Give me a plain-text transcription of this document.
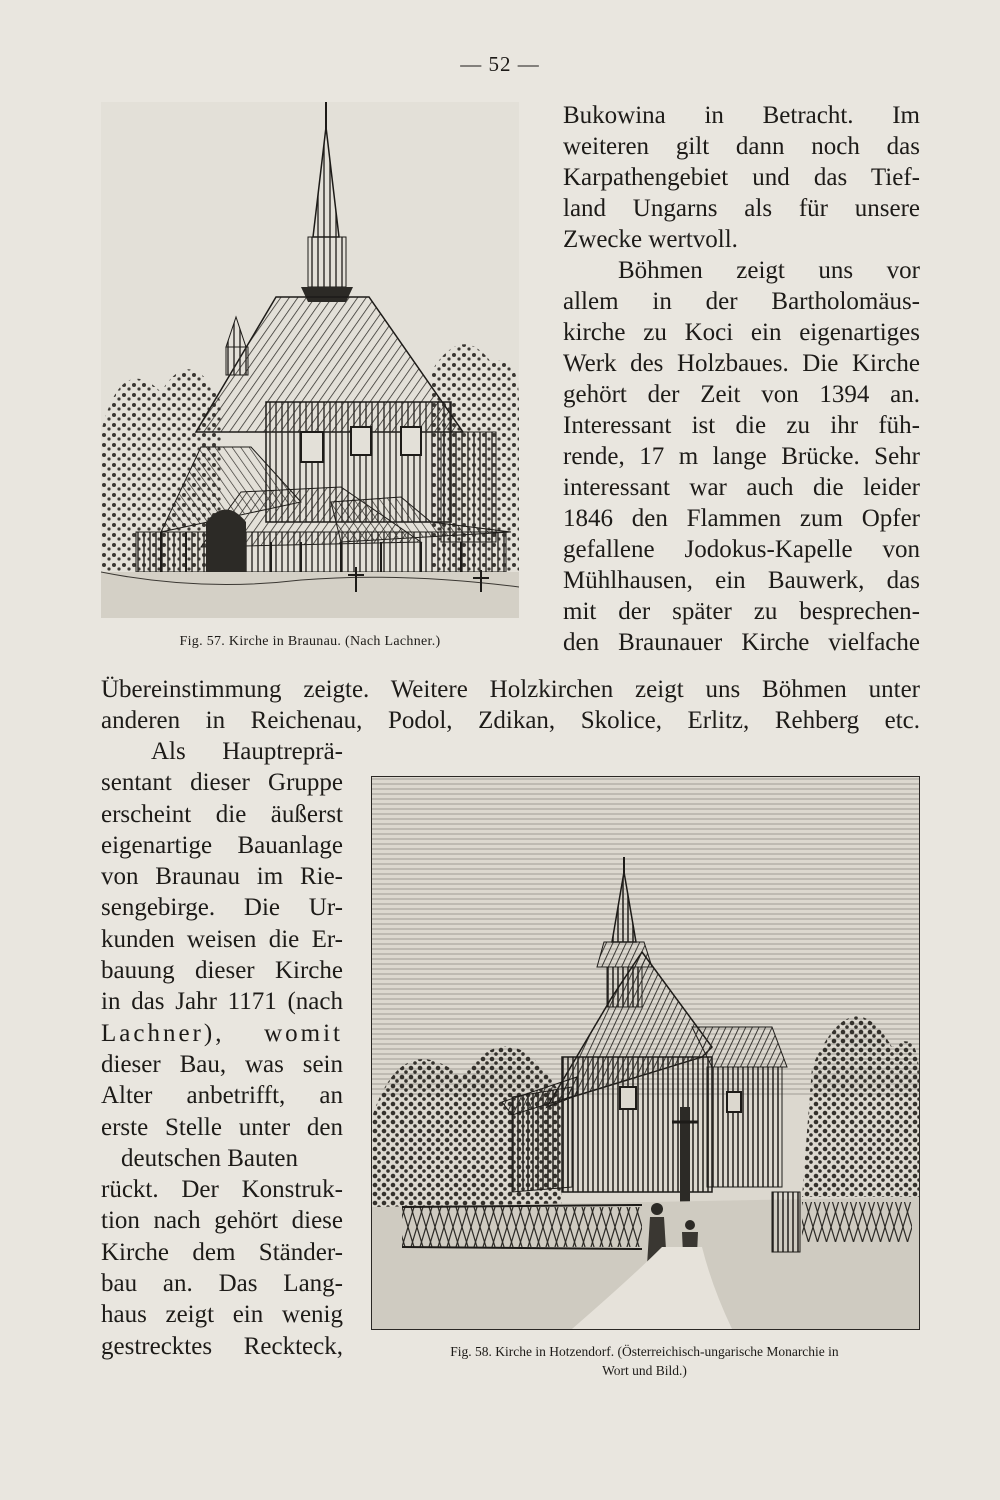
— 52 —
Fig. 57. Kirche in Braunau. (Nach Lachner.)
Bukowina in Betracht. Im
weiteren gilt dann noch das
Karpathengebiet und das Tief-
land Ungarns als für unsere
Zwecke wertvoll.
Böhmen zeigt uns vor
allem in der Bartholomäus-
kirche zu Koci ein eigenartiges
Werk des Holzbaues. Die Kirche
gehört der Zeit von 1394 an.
Interessant ist die zu ihr füh-
rende, 17 m lange Brücke. Sehr
interessant war auch die leider
1846 den Flammen zum Opfer
gefallene Jodokus-Kapelle von
Mühlhausen, ein Bauwerk, das
mit der später zu besprechen-
den Braunauer Kirche vielfache
Übereinstimmung zeigte. Weitere Holzkirchen zeigt uns Böhmen unter
anderen in Reichenau, Podol, Zdikan, Skolice, Erlitz, Rehberg etc.
Als Hauptreprä-
sentant dieser Gruppe
erscheint die äußerst
eigenartige Bauanlage
von Braunau im Rie-
sengebirge. Die Ur-
kunden weisen die Er-
bauung dieser Kirche
in das Jahr 1171 (nach
Lachner), womit
dieser Bau, was sein
Alter anbetrifft, an
erste Stelle unter den
deutschen Bauten
rückt. Der Konstruk-
tion nach gehört diese
Kirche dem Ständer-
bau an. Das Lang-
haus zeigt ein wenig
gestrecktes Reckteck,	Fig. 58. Kirche in Hotzendorf. (Österreichisch-ungarische Monarchie in
Wort und Bild.)
